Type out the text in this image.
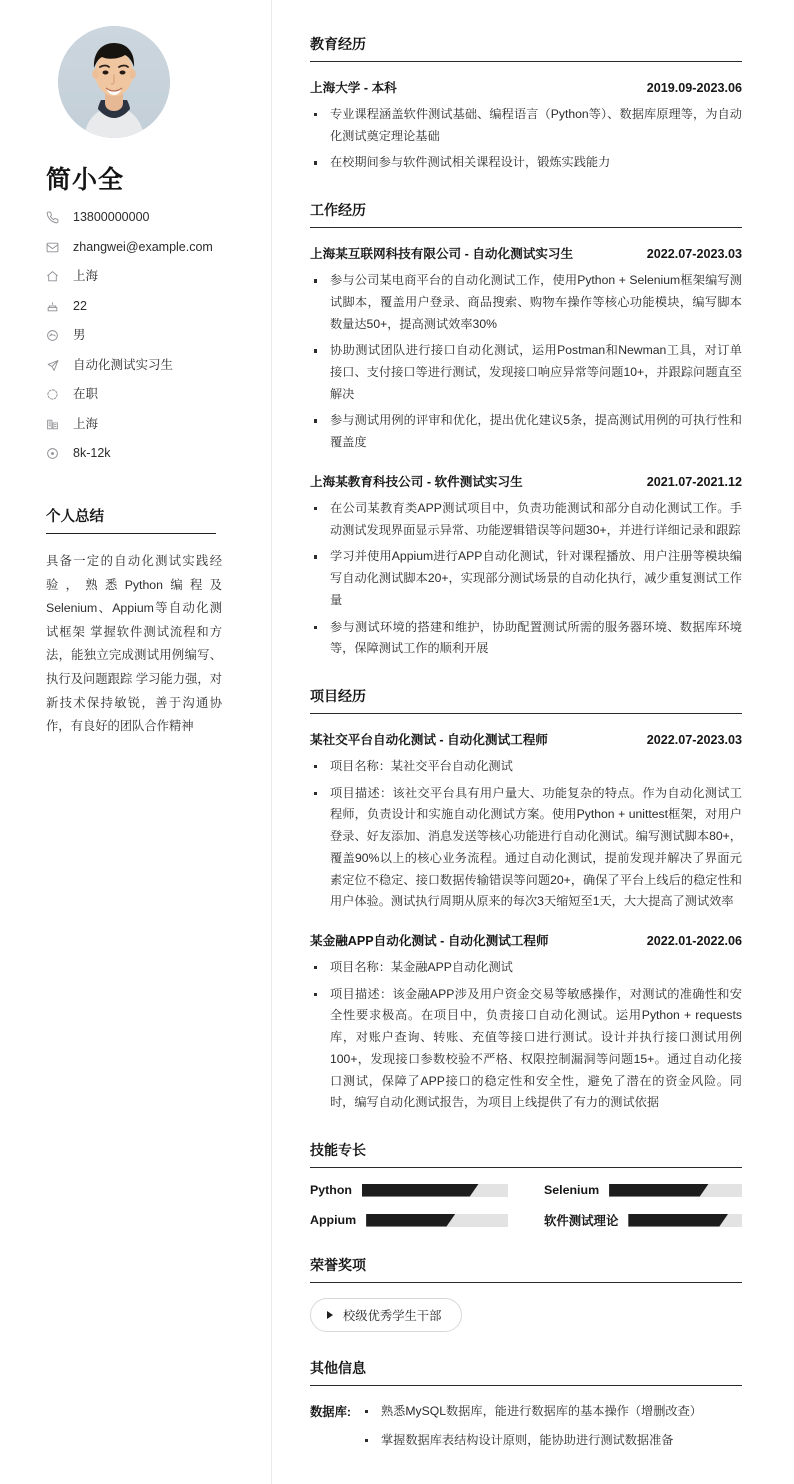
简小全
13800000000
zhangwei@example.com
上海
22
男
自动化测试实习生
在职
上海
8k-12k
个人总结

具备一定的自动化测试实践经验，熟悉Python编程及Selenium、Appium等自动化测试框架 掌握软件测试流程和方法，能独立完成测试用例编写、执行及问题跟踪 学习能力强，对新技术保持敏锐，善于沟通协作，有良好的团队合作精神

教育经历
上海大学 - 本科	2019.09-2023.06
专业课程涵盖软件测试基础、编程语言（Python等）、数据库原理等，为自动化测试奠定理论基础
在校期间参与软件测试相关课程设计，锻炼实践能力
工作经历
上海某互联网科技有限公司 - 自动化测试实习生	2022.07-2023.03
参与公司某电商平台的自动化测试工作，使用Python + Selenium框架编写测试脚本，覆盖用户登录、商品搜索、购物车操作等核心功能模块，编写脚本数量达50+，提高测试效率30%
协助测试团队进行接口自动化测试，运用Postman和Newman工具，对订单接口、支付接口等进行测试，发现接口响应异常等问题10+，并跟踪问题直至解决
参与测试用例的评审和优化，提出优化建议5条，提高测试用例的可执行性和覆盖度
上海某教育科技公司 - 软件测试实习生	2021.07-2021.12
在公司某教育类APP测试项目中，负责功能测试和部分自动化测试工作。手动测试发现界面显示异常、功能逻辑错误等问题30+，并进行详细记录和跟踪
学习并使用Appium进行APP自动化测试，针对课程播放、用户注册等模块编写自动化测试脚本20+，实现部分测试场景的自动化执行，减少重复测试工作量
参与测试环境的搭建和维护，协助配置测试所需的服务器环境、数据库环境等，保障测试工作的顺利开展
项目经历
某社交平台自动化测试 - 自动化测试工程师	2022.07-2023.03
项目名称：某社交平台自动化测试
项目描述：该社交平台具有用户量大、功能复杂的特点。作为自动化测试工程师，负责设计和实施自动化测试方案。使用Python + unittest框架，对用户登录、好友添加、消息发送等核心功能进行自动化测试。编写测试脚本80+，覆盖90%以上的核心业务流程。通过自动化测试，提前发现并解决了界面元素定位不稳定、接口数据传输错误等问题20+，确保了平台上线后的稳定性和用户体验。测试执行周期从原来的每次3天缩短至1天，大大提高了测试效率
某金融APP自动化测试 - 自动化测试工程师	2022.01-2022.06
项目名称：某金融APP自动化测试
项目描述：该金融APP涉及用户资金交易等敏感操作，对测试的准确性和安全性要求极高。在项目中，负责接口自动化测试。运用Python + requests库，对账户查询、转账、充值等接口进行测试。设计并执行接口测试用例100+，发现接口参数校验不严格、权限控制漏洞等问题15+。通过自动化接口测试，保障了APP接口的稳定性和安全性，避免了潜在的资金风险。同时，编写自动化测试报告，为项目上线提供了有力的测试依据
技能专长
Python	Selenium
Appium	软件测试理论
荣誉奖项
校级优秀学生干部
其他信息
数据库:	熟悉MySQL数据库，能进行数据库的基本操作（增删改查）
掌握数据库表结构设计原则，能协助进行测试数据准备
